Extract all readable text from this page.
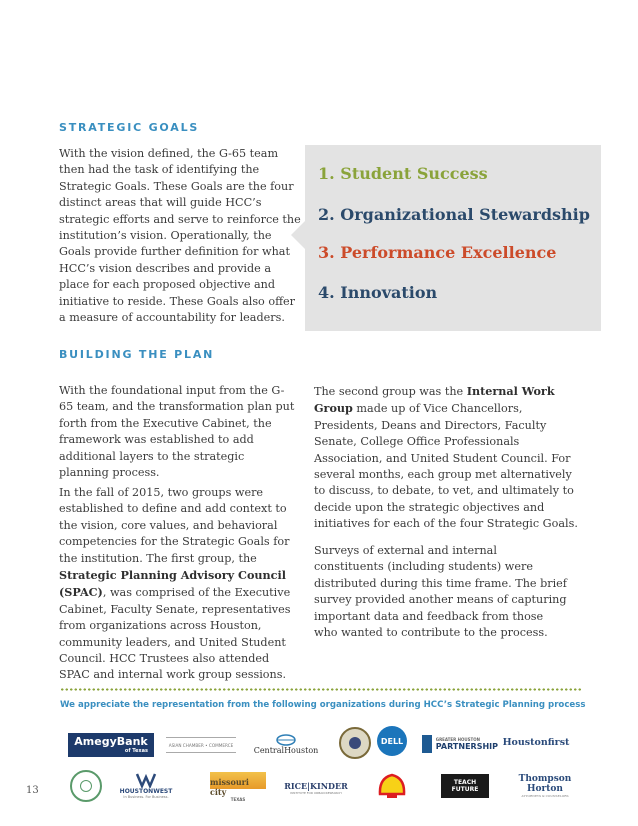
STRATEGIC GOALS

With the vision defined, the G-65 team then had the task of identifying the Strategic Goals. These Goals are the four distinct areas that will guide HCC’s strategic efforts and serve to reinforce the institution’s vision. Operationally, the Goals provide further definition for what HCC’s vision describes and provide a place for each proposed objective and initiative to reside. These Goals also offer a measure of accountability for leaders.

1. Student Success
2. Organizational Stewardship
3. Performance Excellence
4. Innovation
BUILDING THE PLAN

With the foundational input from the G-65 team, and the transformation plan put forth from the Executive Cabinet, the framework was established to add additional layers to the strategic planning process.

In the fall of 2015, two groups were established to define and add context to the vision, core values, and behavioral competencies for the Strategic Goals for the institution. The first group, the Strategic Planning Advisory Council (SPAC), was comprised of the Executive Cabinet, Faculty Senate, representatives from organizations across Houston, community leaders, and United Student Council. HCC Trustees also attended SPAC and internal work group sessions.

The second group was the Internal Work Group made up of Vice Chancellors, Presidents, Deans and Directors, Faculty Senate, College Office Professionals Association, and United Student Council. For several months, each group met alternatively to discuss, to debate, to vet, and ultimately to decide upon the strategic objectives and initiatives for each of the four Strategic Goals.

Surveys of external and internal constituents (including students) were distributed during this time frame. The brief survey provided another means of capturing important data and feedback from those who wanted to contribute to the process.

We appreciate the representation from the following organizations during HCC’s Strategic Planning process
AmegyBank
of Texas
ASIAN CHAMBER • COMMERCE
CentralHouston
DELL	GREATER HOUSTON
PARTNERSHIP Houstonfirst
HOUSTONWEST
In Business. For Business.
missouri city
TEXAS
RICE|KINDER
INSTITUTE FOR URBAN RESEARCH
TEACH
FUTURE
Thompson
Horton
ATTORNEYS & COUNSELORS
13
